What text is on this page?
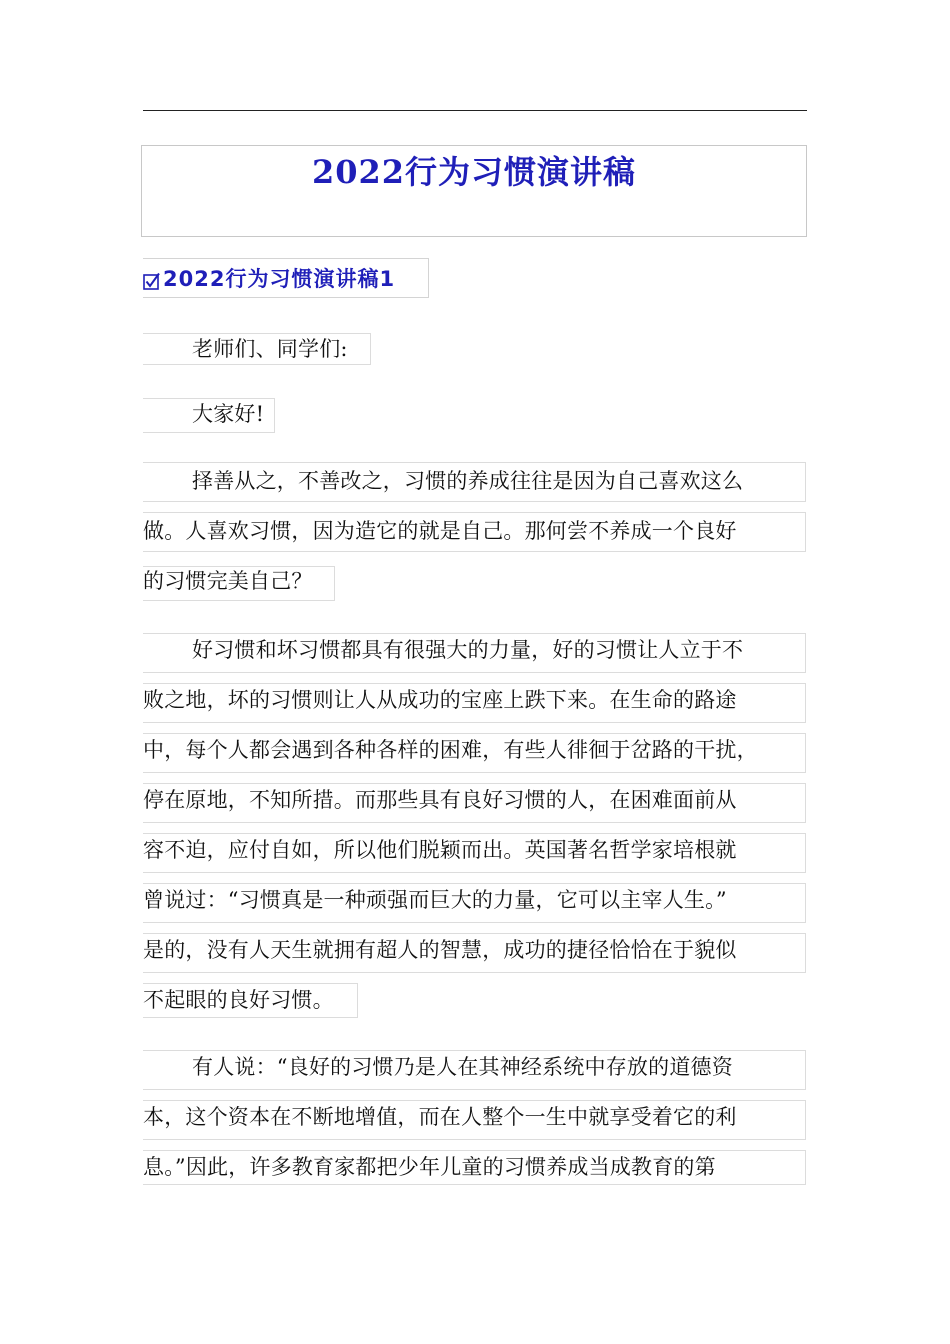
2022行为习惯演讲稿
2022行为习惯演讲稿1
老师们、同学们:
大家好!
择善从之，不善改之，习惯的养成往往是因为自己喜欢这么
做。人喜欢习惯，因为造它的就是自己。那何尝不养成一个良好
的习惯完美自己？
好习惯和坏习惯都具有很强大的力量，好的习惯让人立于不
败之地，坏的习惯则让人从成功的宝座上跌下来。在生命的路途
中，每个人都会遇到各种各样的困难，有些人徘徊于岔路的干扰，
停在原地，不知所措。而那些具有良好习惯的人，在困难面前从
容不迫，应付自如，所以他们脱颖而出。英国著名哲学家培根就
曾说过：“习惯真是一种顽强而巨大的力量，它可以主宰人生。”
是的，没有人天生就拥有超人的智慧，成功的捷径恰恰在于貌似
不起眼的良好习惯。
有人说：“良好的习惯乃是人在其神经系统中存放的道德资
本，这个资本在不断地增值，而在人整个一生中就享受着它的利
息。”因此，许多教育家都把少年儿童的习惯养成当成教育的第
